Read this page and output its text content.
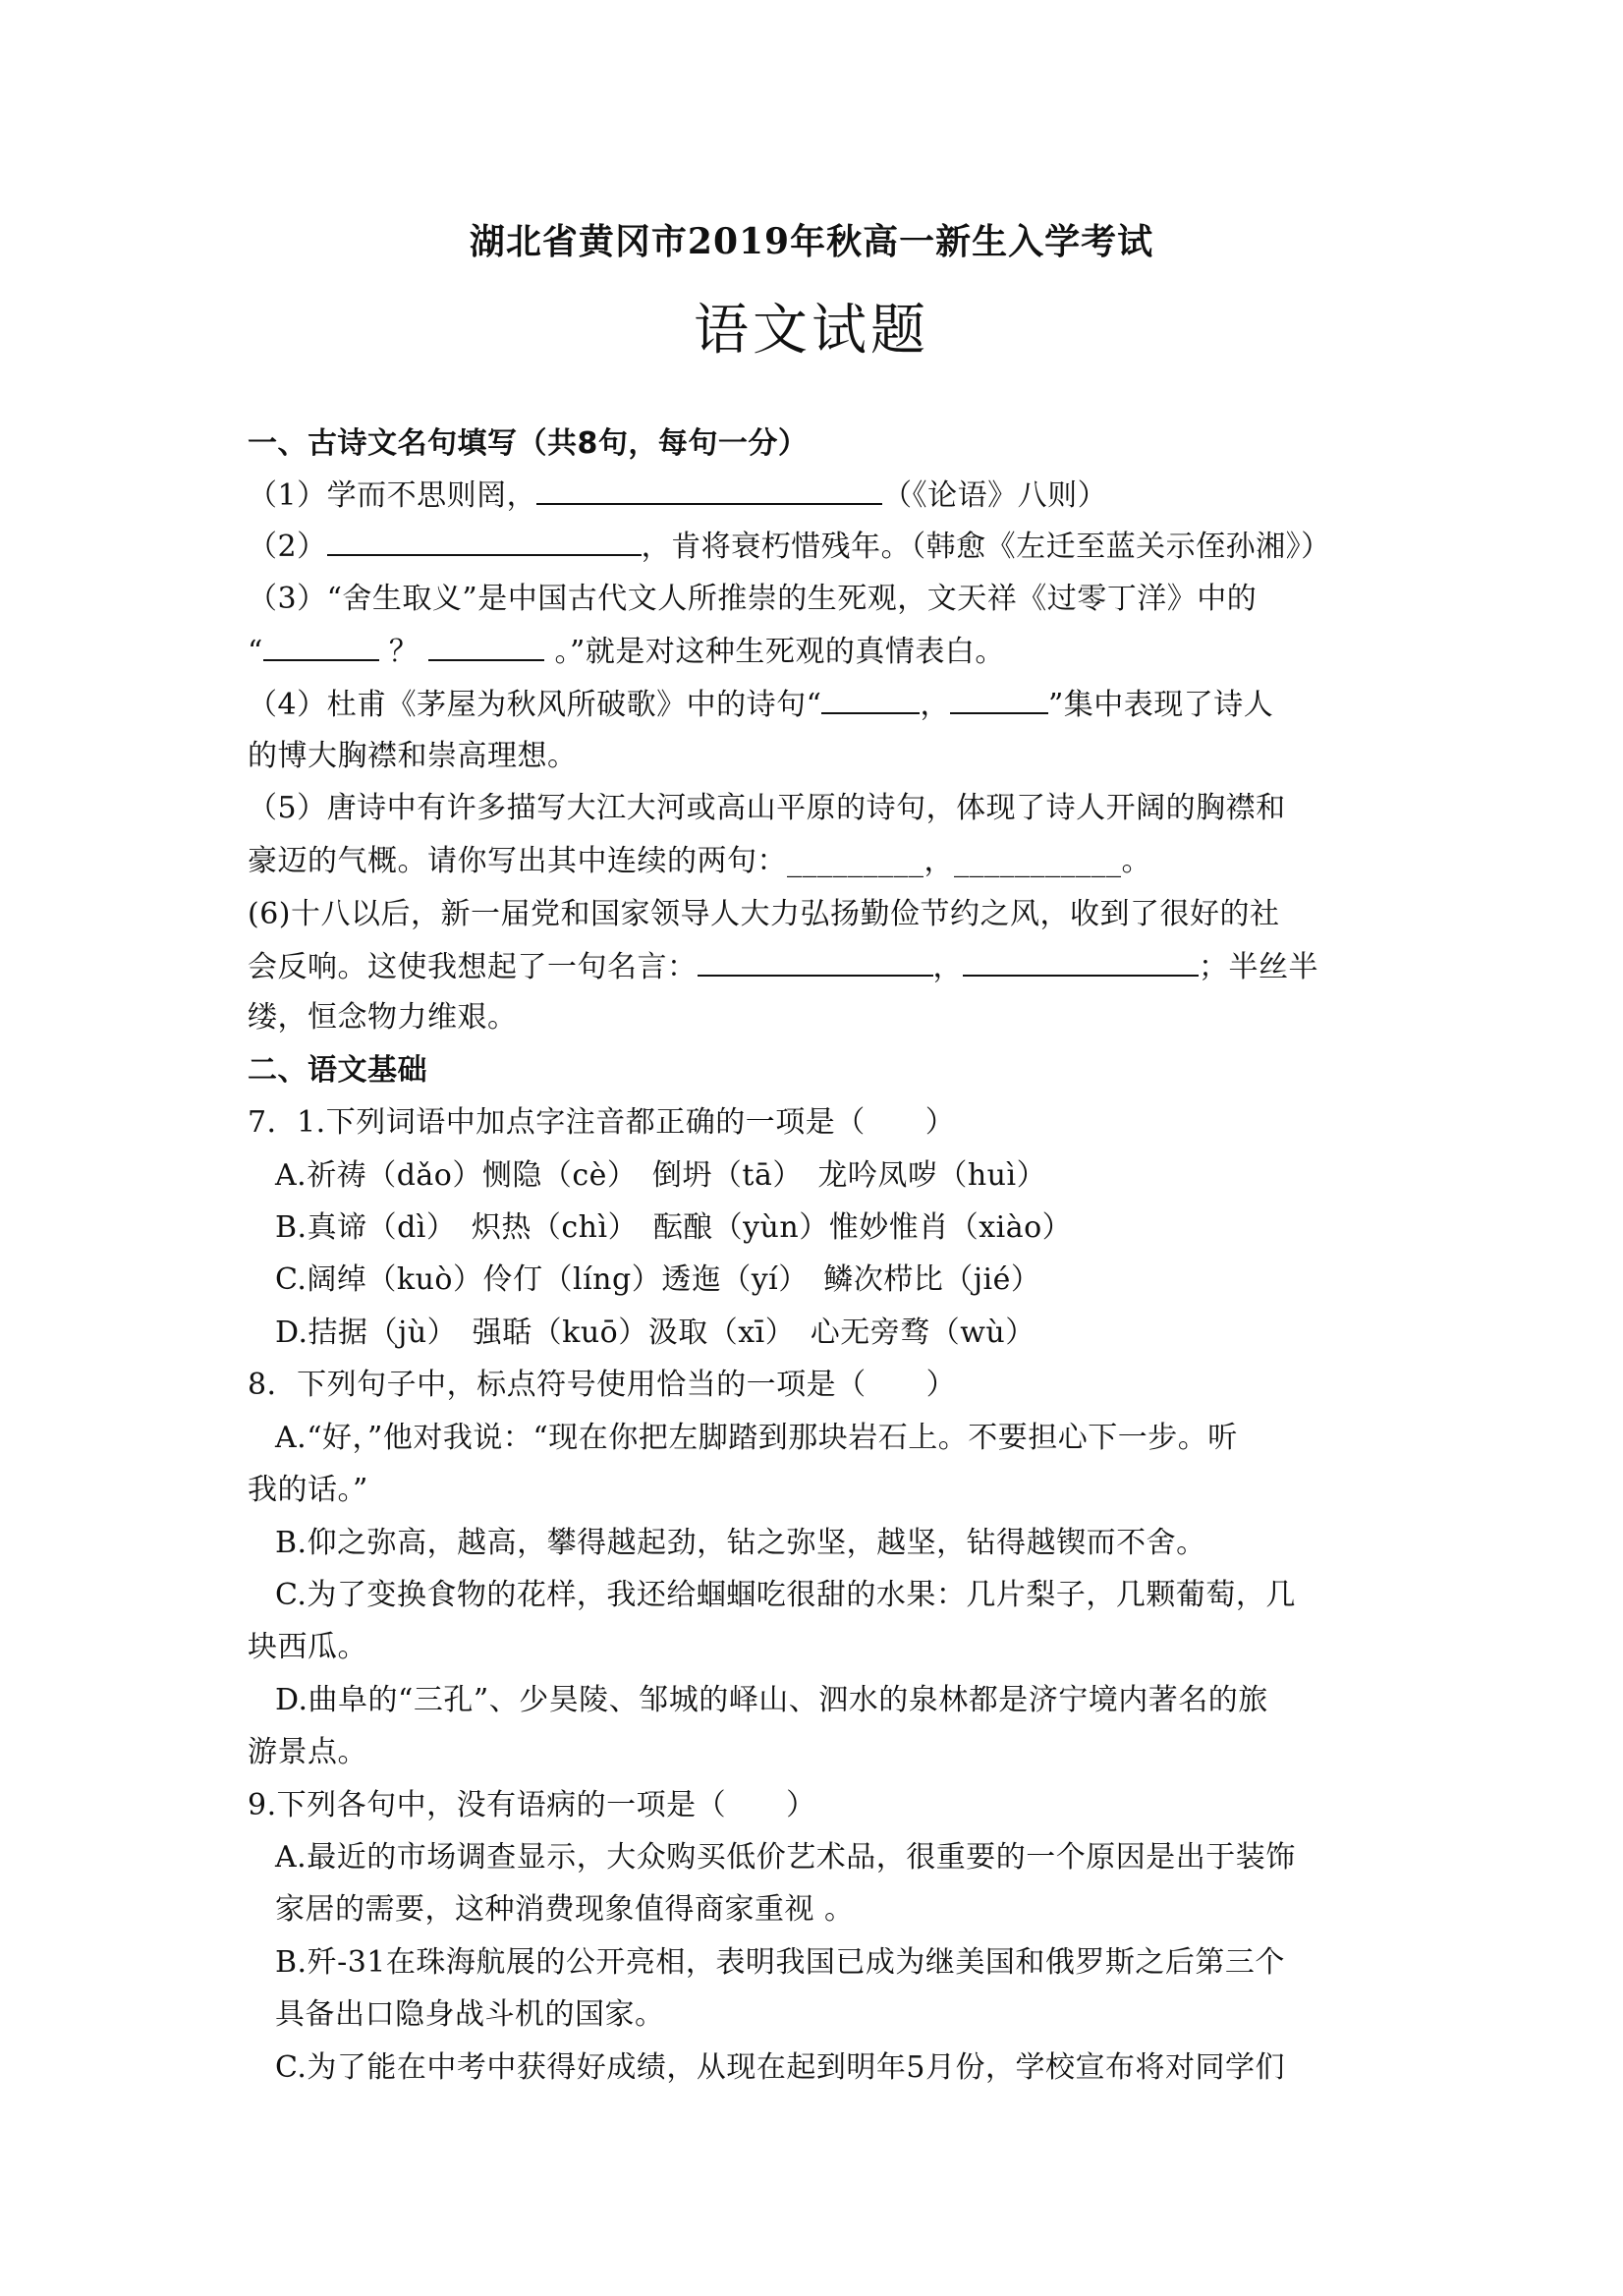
湖北省黄冈市2019年秋高一新生入学考试
语文试题
一、古诗文名句填写（共8句，每句一分）
（1）学而不思则罔，	（《论语》八则）
（2）	，肯将衰朽惜残年。（韩愈《左迁至蓝关示侄孙湘》）
（3）“舍生取义”是中国古代文人所推崇的生死观，文天祥《过零丁洋》中的
“	？	。”就是对这种生死观的真情表白。
（4）杜甫《茅屋为秋风所破歌》中的诗句“	，	”集中表现了诗人
的博大胸襟和崇高理想。
（5）唐诗中有许多描写大江大河或高山平原的诗句，体现了诗人开阔的胸襟和
豪迈的气概。请你写出其中连续的两句：_________，___________。
(6)十八以后，新一届党和国家领导人大力弘扬勤俭节约之风，收到了很好的社
会反响。这使我想起了一句名言：	，	；半丝半
缕，恒念物力维艰。
二、语文基础
7．1.下列词语中加点字注音都正确的一项是（　　）
A.祈祷（dǎo）恻隐（cè）　倒坍（tā）　龙吟凤哕（huì）
B.真谛（dì）　炽热（chì）　酝酿（yùn）惟妙惟肖（xiào）
C.阔绰（kuò）伶仃（líng）透迤（yí）　鳞次栉比（jié）
D.拮据（jù）　强聒（kuō）汲取（xī）　心无旁骛（wù）
8．下列句子中，标点符号使用恰当的一项是（　　）
A.“好，”他对我说：“现在你把左脚踏到那块岩石上。不要担心下一步。听
我的话。”
B.仰之弥高，越高，攀得越起劲，钻之弥坚，越坚，钻得越锲而不舍。
C.为了变换食物的花样，我还给蝈蝈吃很甜的水果：几片梨子，几颗葡萄，几
块西瓜。
D.曲阜的“三孔”、少昊陵、邹城的峄山、泗水的泉林都是济宁境内著名的旅
游景点。
9.下列各句中，没有语病的一项是（　　）
A.最近的市场调查显示，大众购买低价艺术品，很重要的一个原因是出于装饰
家居的需要，这种消费现象值得商家重视 。
B.歼-31在珠海航展的公开亮相，表明我国已成为继美国和俄罗斯之后第三个
具备出口隐身战斗机的国家。
C.为了能在中考中获得好成绩，从现在起到明年5月份，学校宣布将对同学们
